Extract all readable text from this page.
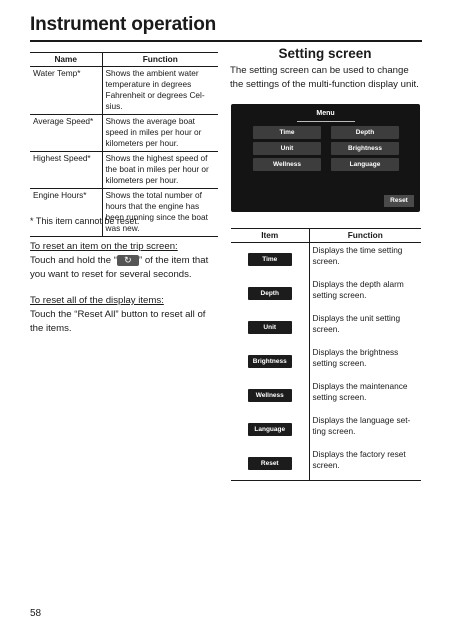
Instrument operation
Name	Function
Water Temp*	Shows the ambient water temperature in degrees Fahrenheit or degrees Cel-sius.
Average Speed*	Shows the average boat speed in miles per hour or kilometers per hour.
Highest Speed*	Shows the highest speed of the boat in miles per hour or kilometers per hour.
Engine Hours*	Shows the total number of hours that the engine has been running since the boat was new.
* This item cannot be reset.
To reset an item on the trip screen:
Touch and hold the “ ↻ ” of the item that you want to reset for several seconds.
To reset all of the display items:
Touch the “Reset All” button to reset all of the items.
Setting screen
The setting screen can be used to change the settings of the multi-function display unit.
Menu
Time	Depth
Unit	Brightness
Wellness	Language
Reset
Item	Function
Time	Displays the time setting screen.
Depth	Displays the depth alarm setting screen.
Unit	Displays the unit setting screen.
Brightness	Displays the brightness setting screen.
Wellness	Displays the maintenance setting screen.
Language	Displays the language set-ting screen.
Reset	Displays the factory reset screen.
58
